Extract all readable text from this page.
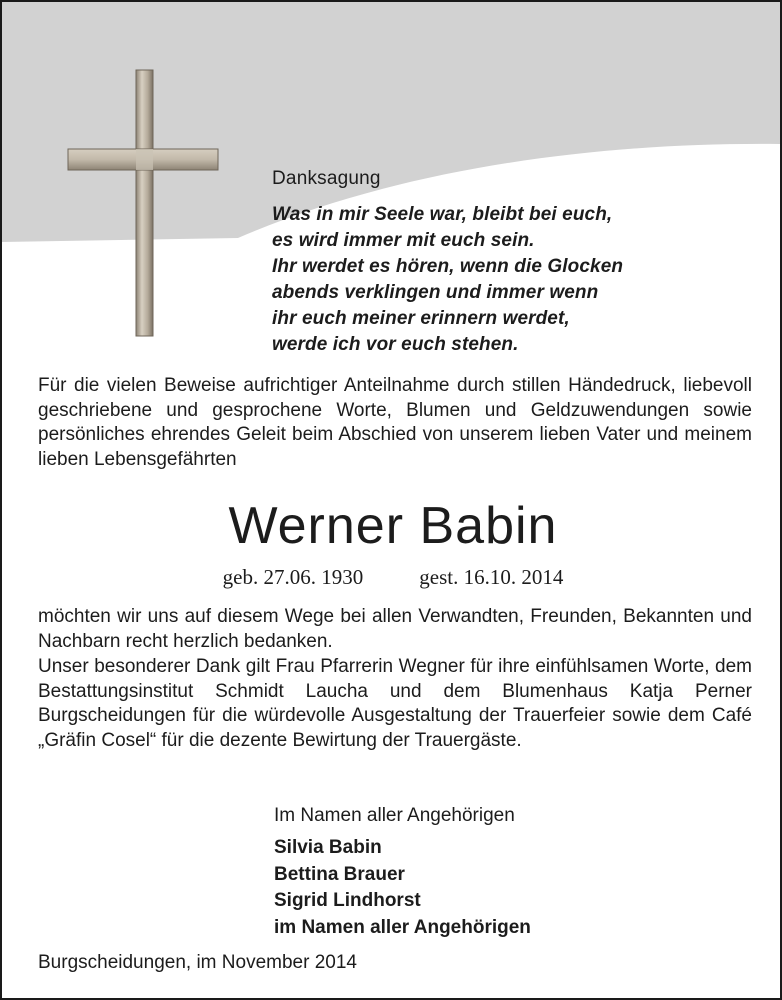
Danksagung
Was in mir Seele war, bleibt bei euch,
es wird immer mit euch sein.
Ihr werdet es hören, wenn die Glocken
abends verklingen und immer wenn
ihr euch meiner erinnern werdet,
werde ich vor euch stehen.

Für die vielen Beweise aufrichtiger Anteilnahme durch stillen Händedruck, liebevoll geschriebene und gesprochene Worte, Blumen und Geldzuwendungen sowie persönliches ehrendes Geleit beim Abschied von unserem lieben Vater und meinem lieben Lebensgefährten

Werner Babin
geb. 27.06. 1930	gest. 16.10. 2014

möchten wir uns auf diesem Wege bei allen Verwandten, Freunden, Bekannten und Nachbarn recht herzlich bedanken.

Unser besonderer Dank gilt Frau Pfarrerin Wegner für ihre einfühlsamen Worte, dem Bestattungsinstitut Schmidt Laucha und dem Blumenhaus Katja Perner Burgscheidungen für die würdevolle Ausgestaltung der Trauerfeier sowie dem Café „Gräfin Cosel“ für die dezente Bewirtung der Trauergäste.

Im Namen aller Angehörigen
Silvia Babin
Bettina Brauer
Sigrid Lindhorst
im Namen aller Angehörigen
Burgscheidungen, im November 2014
